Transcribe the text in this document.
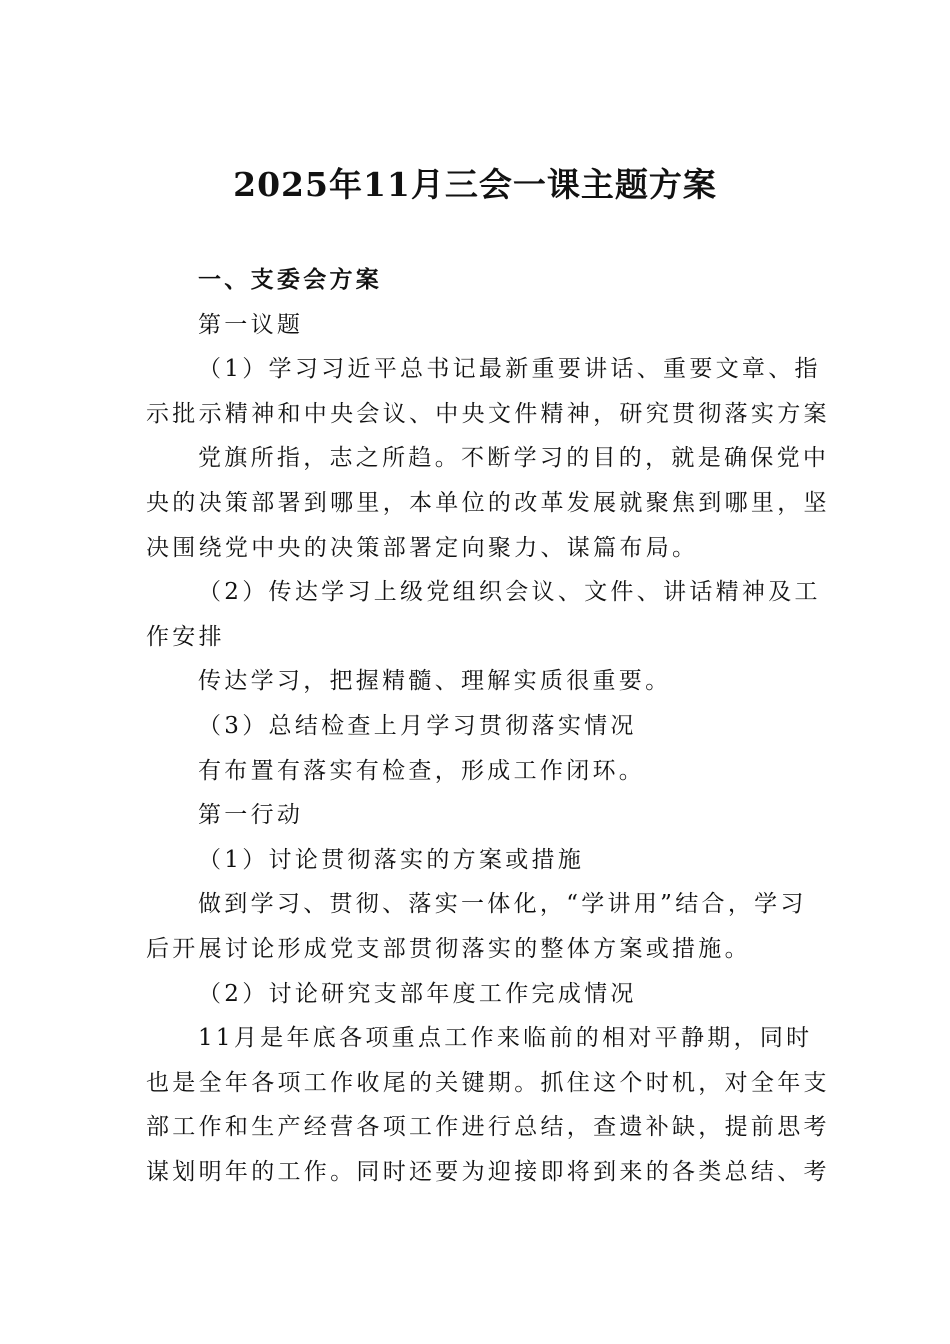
2025年11月三会一课主题方案
一、支委会方案
第一议题
（1）学习习近平总书记最新重要讲话、重要文章、指
示批示精神和中央会议、中央文件精神，研究贯彻落实方案
党旗所指，志之所趋。不断学习的目的，就是确保党中
央的决策部署到哪里，本单位的改革发展就聚焦到哪里，坚
决围绕党中央的决策部署定向聚力、谋篇布局。
（2）传达学习上级党组织会议、文件、讲话精神及工
作安排
传达学习，把握精髓、理解实质很重要。
（3）总结检查上月学习贯彻落实情况
有布置有落实有检查，形成工作闭环。
第一行动
（1）讨论贯彻落实的方案或措施
做到学习、贯彻、落实一体化，“学讲用”结合，学习
后开展讨论形成党支部贯彻落实的整体方案或措施。
（2）讨论研究支部年度工作完成情况
11月是年底各项重点工作来临前的相对平静期，同时
也是全年各项工作收尾的关键期。抓住这个时机，对全年支
部工作和生产经营各项工作进行总结，查遗补缺，提前思考
谋划明年的工作。同时还要为迎接即将到来的各类总结、考
